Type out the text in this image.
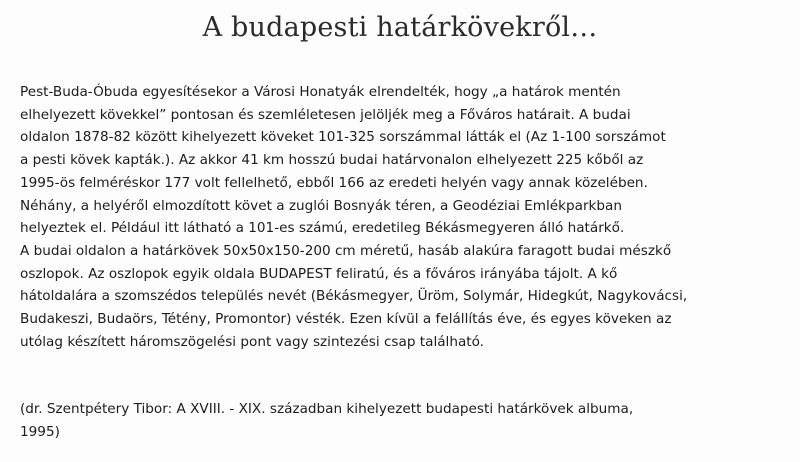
A budapesti határkövekről…
Pest-Buda-Óbuda egyesítésekor a Városi Honatyák elrendelték, hogy „a határok mentén
elhelyezett kövekkel” pontosan és szemléletesen jelöljék meg a Főváros határait. A budai
oldalon 1878-82 között kihelyezett köveket 101-325 sorszámmal látták el (Az 1-100 sorszámot
a pesti kövek kapták.). Az akkor 41 km hosszú budai határvonalon elhelyezett 225 kőből az
1995-ös felméréskor 177 volt fellelhető, ebből 166 az eredeti helyén vagy annak közelében.
Néhány, a helyéről elmozdított követ a zuglói Bosnyák téren, a Geodéziai Emlékparkban
helyeztek el. Például itt látható a 101-es számú, eredetileg Békásmegyeren álló határkő.
A budai oldalon a határkövek 50x50x150-200 cm méretű, hasáb alakúra faragott budai mészkő
oszlopok. Az oszlopok egyik oldala BUDAPEST feliratú, és a főváros irányába tájolt. A kő
hátoldalára a szomszédos település nevét (Békásmegyer, Üröm, Solymár, Hidegkút, Nagykovácsi,
Budakeszi, Budaörs, Tétény, Promontor) vésték. Ezen kívül a felállítás éve, és egyes köveken az
utólag készített háromszögelési pont vagy szintezési csap található.
(dr. Szentpétery Tibor: A XVIII. - XIX. században kihelyezett budapesti határkövek albuma,
1995)
